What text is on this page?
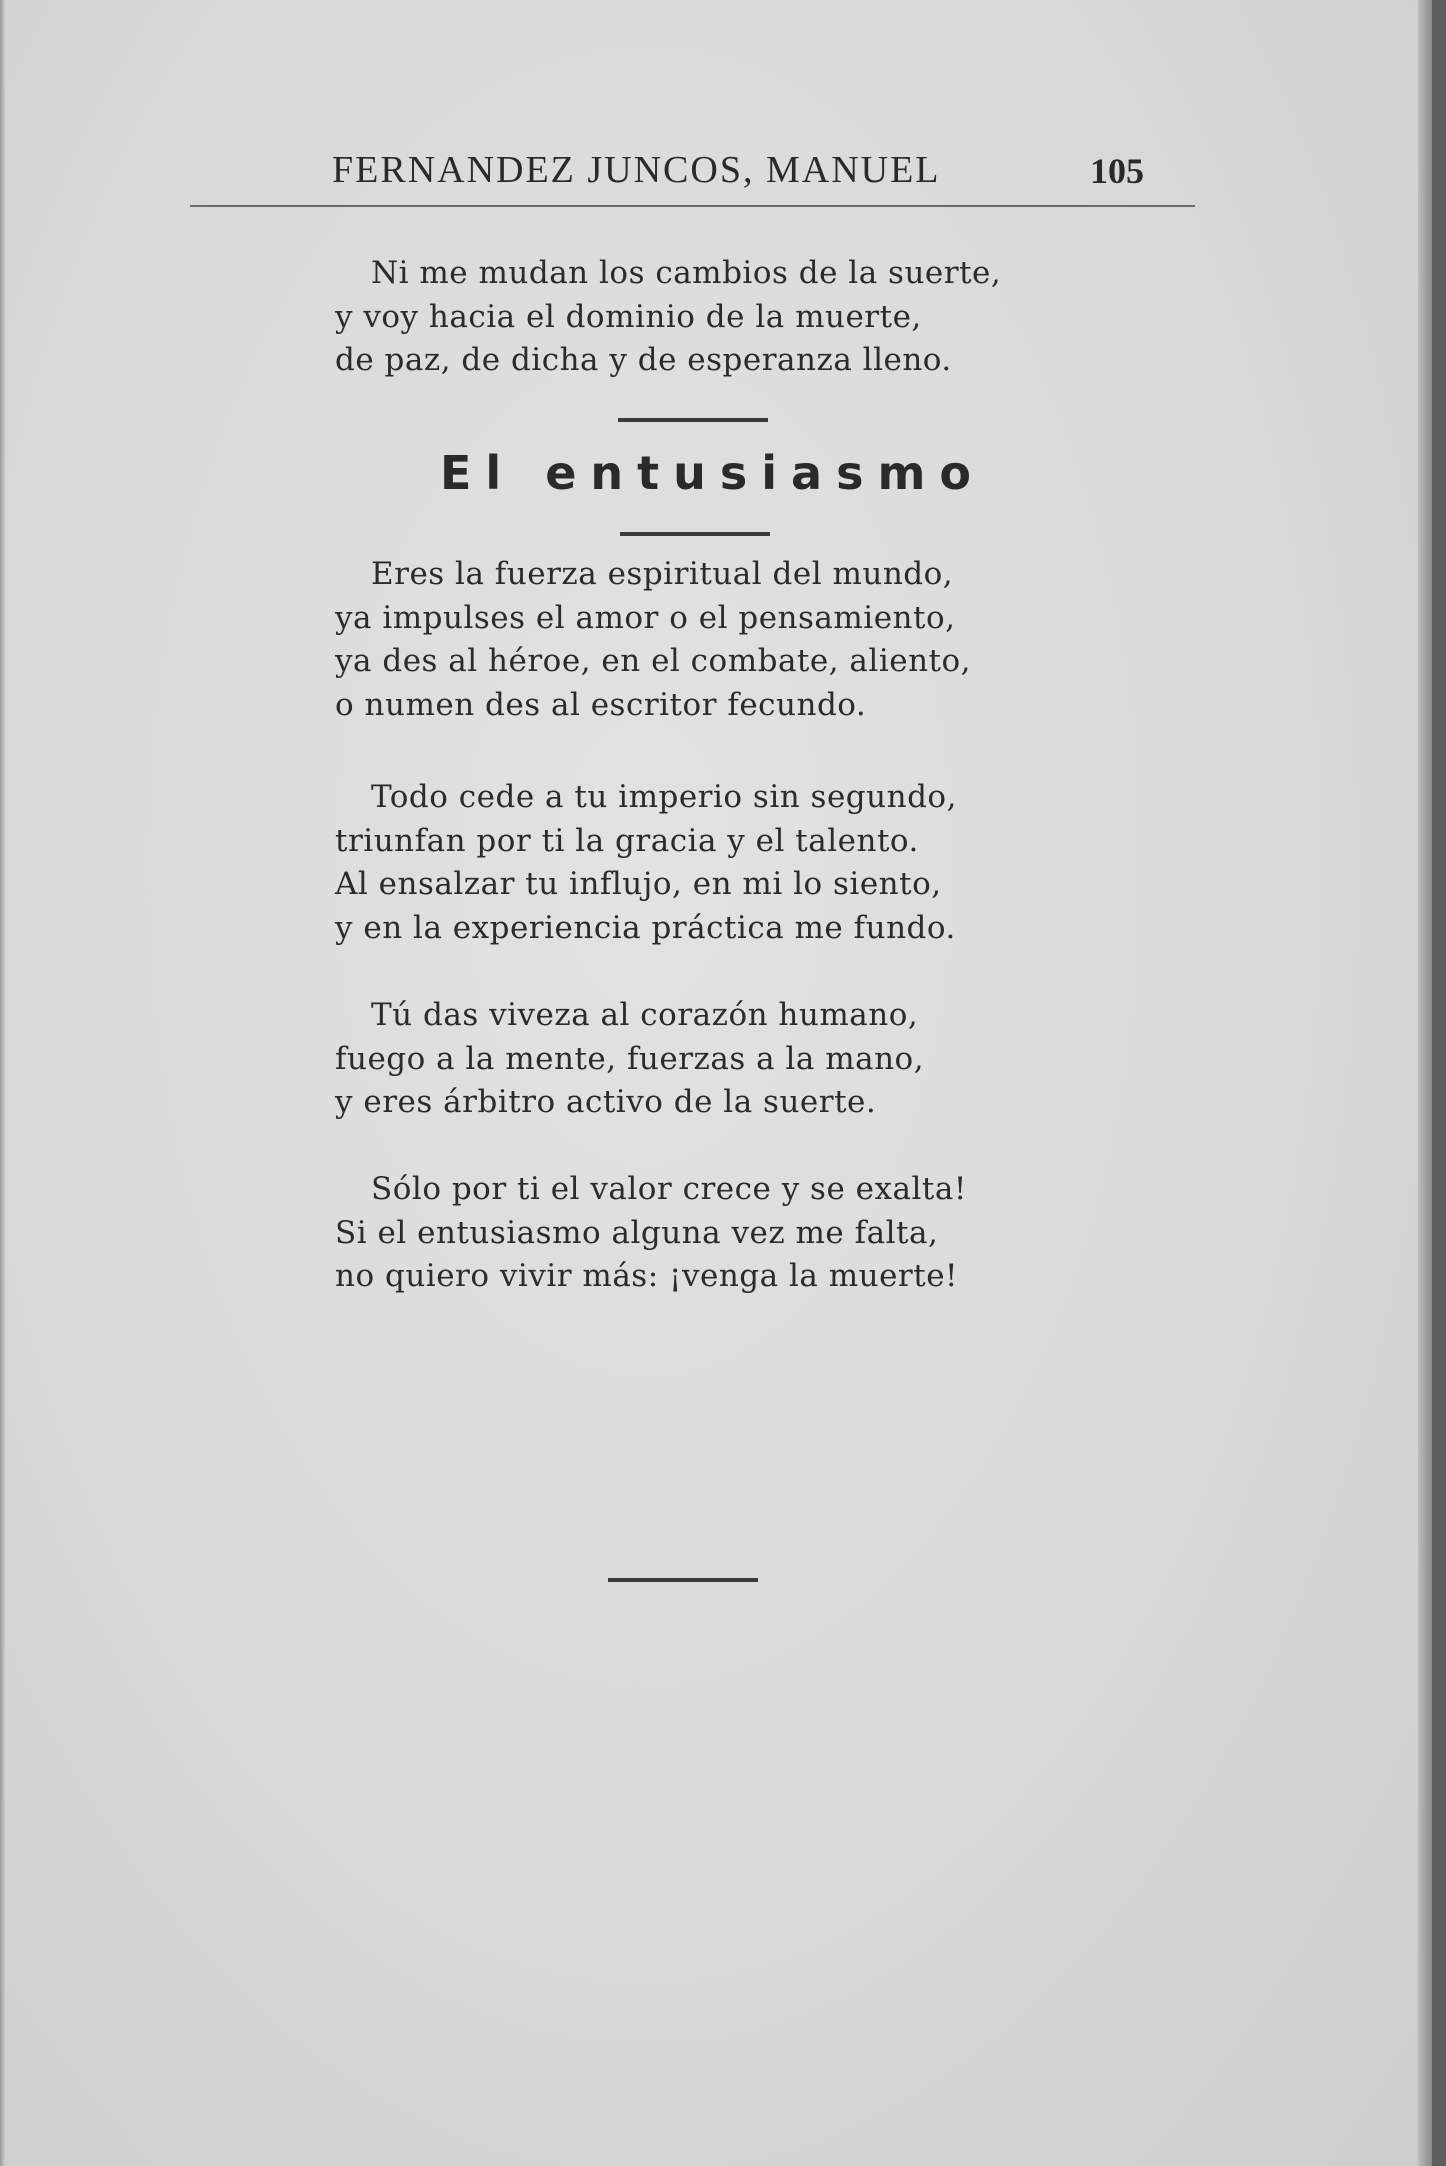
FERNANDEZ JUNCOS, MANUEL	105
Ni me mudan los cambios de la suerte,
y voy hacia el dominio de la muerte,
de paz, de dicha y de esperanza lleno.
El entusiasmo
Eres la fuerza espiritual del mundo,
ya impulses el amor o el pensamiento,
ya des al héroe, en el combate, aliento,
o numen des al escritor fecundo.
Todo cede a tu imperio sin segundo,
triunfan por ti la gracia y el talento.
Al ensalzar tu influjo, en mi lo siento,
y en la experiencia práctica me fundo.
Tú das viveza al corazón humano,
fuego a la mente, fuerzas a la mano,
y eres árbitro activo de la suerte.
Sólo por ti el valor crece y se exalta!
Si el entusiasmo alguna vez me falta,
no quiero vivir más: ¡venga la muerte!
